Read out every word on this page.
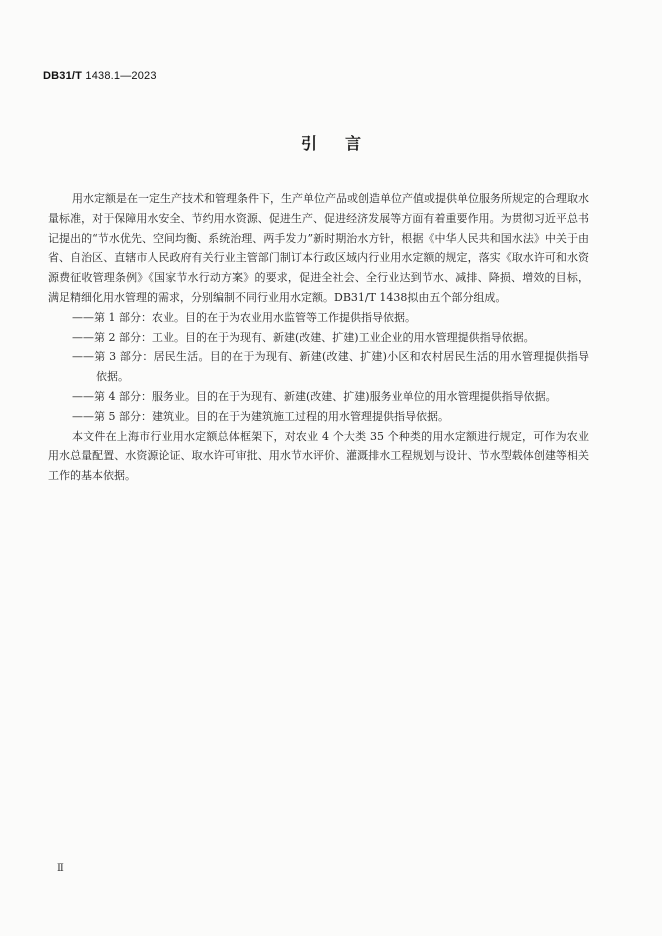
DB31/T 1438.1—2023
引言

用水定额是在一定生产技术和管理条件下，生产单位产品或创造单位产值或提供单位服务所规定的合理取水量标准，对于保障用水安全、节约用水资源、促进生产、促进经济发展等方面有着重要作用。为贯彻习近平总书记提出的“节水优先、空间均衡、系统治理、两手发力”新时期治水方针，根据《中华人民共和国水法》中关于由省、自治区、直辖市人民政府有关行业主管部门制订本行政区域内行业用水定额的规定，落实《取水许可和水资源费征收管理条例》《国家节水行动方案》的要求，促进全社会、全行业达到节水、减排、降损、增效的目标，满足精细化用水管理的需求，分别编制不同行业用水定额。DB31/T 1438拟由五个部分组成。

——第 1 部分：农业。目的在于为农业用水监管等工作提供指导依据。

——第 2 部分：工业。目的在于为现有、新建(改建、扩建)工业企业的用水管理提供指导依据。

——第 3 部分：居民生活。目的在于为现有、新建(改建、扩建)小区和农村居民生活的用水管理提供指导依据。

——第 4 部分：服务业。目的在于为现有、新建(改建、扩建)服务业单位的用水管理提供指导依据。

——第 5 部分：建筑业。目的在于为建筑施工过程的用水管理提供指导依据。

本文件在上海市行业用水定额总体框架下，对农业 4 个大类 35 个种类的用水定额进行规定，可作为农业用水总量配置、水资源论证、取水许可审批、用水节水评价、灌溉排水工程规划与设计、节水型载体创建等相关工作的基本依据。

Ⅱ
